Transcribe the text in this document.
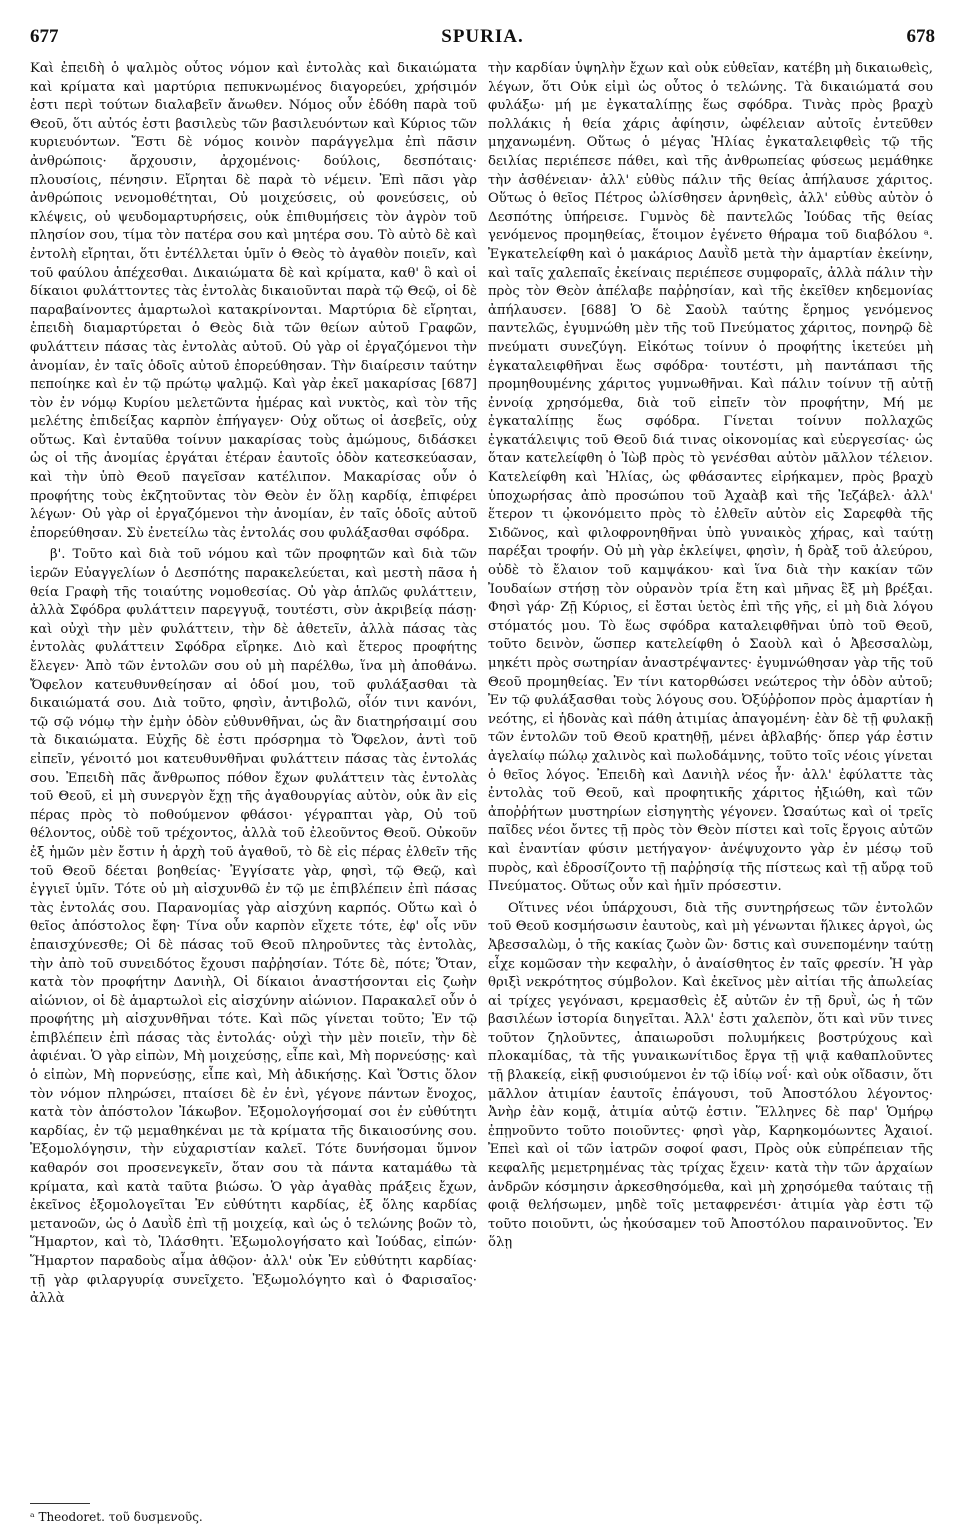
677	SPURIA.	678

Καὶ ἐπειδὴ ὁ ψαλμὸς οὗτος νόμον καὶ ἐντολὰς καὶ δικαιώματα καὶ κρίματα καὶ μαρτύρια πεπυκνωμένος διαγορεύει, χρήσιμόν ἐστι περὶ τούτων διαλαβεῖν ἄνωθεν. Νόμος οὖν ἐδόθη παρὰ τοῦ Θεοῦ, ὅτι αὐτός ἐστι βασιλεὺς τῶν βασιλευόντων καὶ Κύριος τῶν κυριευόντων. Ἔστι δὲ νόμος κοινὸν παράγγελμα ἐπὶ πᾶσιν ἀνθρώποις· ἄρχουσιν, ἀρχομένοις· δούλοις, δεσπόταις· πλουσίοις, πένησιν. Εἴρηται δὲ παρὰ τὸ νέμειν. Ἐπὶ πᾶσι γὰρ ἀνθρώποις νενομοθέτηται, Οὐ μοιχεύσεις, οὐ φονεύσεις, οὐ κλέψεις, οὐ ψευδομαρτυρήσεις, οὐκ ἐπιθυμήσεις τὸν ἀγρὸν τοῦ πλησίον σου, τίμα τὸν πατέρα σου καὶ μητέρα σου. Τὸ αὐτὸ δὲ καὶ ἐντολὴ εἴρηται, ὅτι ἐντέλλεται ὑμῖν ὁ Θεὸς τὸ ἀγαθὸν ποιεῖν, καὶ τοῦ φαύλου ἀπέχεσθαι. Δικαιώματα δὲ καὶ κρίματα, καθ' ὃ καὶ οἱ δίκαιοι φυλάττοντες τὰς ἐντολὰς δικαιοῦνται παρὰ τῷ Θεῷ, οἱ δὲ παραβαίνοντες ἁμαρτωλοὶ κατακρίνονται. Μαρτύρια δὲ εἴρηται, ἐπειδὴ διαμαρτύρεται ὁ Θεὸς διὰ τῶν θείων αὐτοῦ Γραφῶν, φυλάττειν πάσας τὰς ἐντολὰς αὐτοῦ. Οὐ γὰρ οἱ ἐργαζόμενοι τὴν ἀνομίαν, ἐν ταῖς ὁδοῖς αὐτοῦ ἐπορεύθησαν. Τὴν διαίρεσιν ταύτην πεποίηκε καὶ ἐν τῷ πρώτῳ ψαλμῷ. Καὶ γὰρ ἐκεῖ μακαρίσας [687] τὸν ἐν νόμῳ Κυρίου μελετῶντα ἡμέρας καὶ νυκτὸς, καὶ τὸν τῆς μελέτης ἐπιδείξας καρπὸν ἐπήγαγεν· Οὐχ οὕτως οἱ ἀσεβεῖς, οὐχ οὕτως. Καὶ ἐνταῦθα τοίνυν μακαρίσας τοὺς ἀμώμους, διδάσκει ὡς οἱ τῆς ἀνομίας ἐργάται ἑτέραν ἑαυτοῖς ὁδὸν κατεσκεύασαν, καὶ τὴν ὑπὸ Θεοῦ παγεῖσαν κατέλιπον. Μακαρίσας οὖν ὁ προφήτης τοὺς ἐκζητοῦντας τὸν Θεὸν ἐν ὅλῃ καρδίᾳ, ἐπιφέρει λέγων· Οὐ γὰρ οἱ ἐργαζόμενοι τὴν ἀνομίαν, ἐν ταῖς ὁδοῖς αὐτοῦ ἐπορεύθησαν. Σὺ ἐνετείλω τὰς ἐντολάς σου φυλάξασθαι σφόδρα.

β'. Τοῦτο καὶ διὰ τοῦ νόμου καὶ τῶν προφητῶν καὶ διὰ τῶν ἱερῶν Εὐαγγελίων ὁ Δεσπότης παρακελεύεται, καὶ μεστὴ πᾶσα ἡ θεία Γραφὴ τῆς τοιαύτης νομοθεσίας. Οὐ γὰρ ἁπλῶς φυλάττειν, ἀλλὰ Σφόδρα φυλάττειν παρεγγυᾷ, τουτέστι, σὺν ἀκριβείᾳ πάσῃ· καὶ οὐχὶ τὴν μὲν φυλάττειν, τὴν δὲ ἀθετεῖν, ἀλλὰ πάσας τὰς ἐντολὰς φυλάττειν Σφόδρα εἴρηκε. Διὸ καὶ ἕτερος προφήτης ἔλεγεν· Ἀπὸ τῶν ἐντολῶν σου οὐ μὴ παρέλθω, ἵνα μὴ ἀποθάνω. Ὄφελον κατευθυνθείησαν αἱ ὁδοί μου, τοῦ φυλάξασθαι τὰ δικαιώματά σου. Διὰ τοῦτο, φησὶν, ἀντιβολῶ, οἷόν τινι κανόνι, τῷ σῷ νόμῳ τὴν ἐμὴν ὁδὸν εὐθυνθῆναι, ὡς ἂν διατηρήσαιμί σου τὰ δικαιώματα. Εὐχῆς δὲ ἐστι πρόσρημα τὸ Ὄφελον, ἀντὶ τοῦ εἰπεῖν, γένοιτό μοι κατευθυνθῆναι φυλάττειν πάσας τὰς ἐντολάς σου. Ἐπειδὴ πᾶς ἄνθρωπος πόθον ἔχων φυλάττειν τὰς ἐντολὰς τοῦ Θεοῦ, εἰ μὴ συνεργὸν ἔχῃ τῆς ἀγαθουργίας αὐτὸν, οὐκ ἂν εἰς πέρας πρὸς τὸ ποθούμενον φθάσοι· γέγραπται γὰρ, Οὐ τοῦ θέλοντος, οὐδὲ τοῦ τρέχοντος, ἀλλὰ τοῦ ἐλεοῦντος Θεοῦ. Οὐκοῦν ἐξ ἡμῶν μὲν ἔστιν ἡ ἀρχὴ τοῦ ἀγαθοῦ, τὸ δὲ εἰς πέρας ἐλθεῖν τῆς τοῦ Θεοῦ δέεται βοηθείας· Ἐγγίσατε γὰρ, φησὶ, τῷ Θεῷ, καὶ ἐγγιεῖ ὑμῖν. Τότε οὐ μὴ αἰσχυνθῶ ἐν τῷ με ἐπιβλέπειν ἐπὶ πάσας τὰς ἐντολάς σου. Παρανομίας γὰρ αἰσχύνη καρπός. Οὕτω καὶ ὁ θεῖος ἀπόστολος ἔφη· Τίνα οὖν καρπὸν εἴχετε τότε, ἐφ' οἷς νῦν ἐπαισχύνεσθε; Οἱ δὲ πάσας τοῦ Θεοῦ πληροῦντες τὰς ἐντολὰς, τὴν ἀπὸ τοῦ συνειδότος ἔχουσι παῤῥησίαν. Τότε δὲ, πότε; Ὅταν, κατὰ τὸν προφήτην Δανιὴλ, Οἱ δίκαιοι ἀναστήσονται εἰς ζωὴν αἰώνιον, οἱ δὲ ἁμαρτωλοὶ εἰς αἰσχύνην αἰώνιον. Παρακαλεῖ οὖν ὁ προφήτης μὴ αἰσχυνθῆναι τότε. Καὶ πῶς γίνεται τοῦτο; Ἐν τῷ ἐπιβλέπειν ἐπὶ πάσας τὰς ἐντολάς· οὐχὶ τὴν μὲν ποιεῖν, τὴν δὲ ἀφιέναι. Ὁ γὰρ εἰπὼν, Μὴ μοιχεύσῃς, εἶπε καὶ, Μὴ πορνεύσῃς· καὶ ὁ εἰπὼν, Μὴ πορνεύσῃς, εἶπε καὶ, Μὴ ἀδικήσῃς. Καὶ Ὅστις ὅλον τὸν νόμον πληρώσει, πταίσει δὲ ἐν ἑνὶ, γέγονε πάντων ἔνοχος, κατὰ τὸν ἀπόστολον Ἰάκωβον. Ἐξομολογήσομαί σοι ἐν εὐθύτητι καρδίας, ἐν τῷ μεμαθηκέναι με τὰ κρίματα τῆς δικαιοσύνης σου. Ἐξομολόγησιν, τὴν εὐχαριστίαν καλεῖ. Τότε δυνήσομαι ὕμνον καθαρόν σοι προσενεγκεῖν, ὅταν σου τὰ πάντα καταμάθω τὰ κρίματα, καὶ κατὰ ταῦτα βιώσω. Ὁ γὰρ ἀγαθὰς πράξεις ἔχων, ἐκεῖνος ἐξομολογεῖται Ἐν εὐθύτητι καρδίας, ἐξ ὅλης καρδίας μετανοῶν, ὡς ὁ Δαυῒδ ἐπὶ τῇ μοιχείᾳ, καὶ ὡς ὁ τελώνης βοῶν τὸ, Ἥμαρτον, καὶ τὸ, Ἱλάσθητι. Ἐξωμολογήσατο καὶ Ἰούδας, εἰπών· Ἥμαρτον παραδοὺς αἷμα ἀθῷον· ἀλλ' οὐκ Ἐν εὐθύτητι καρδίας· τῇ γὰρ φιλαργυρίᾳ συνεῖχετο. Ἐξωμολόγητο καὶ ὁ Φαρισαῖος· ἀλλὰ

τὴν καρδίαν ὑψηλὴν ἔχων καὶ οὐκ εὐθεῖαν, κατέβη μὴ δικαιωθεὶς, λέγων, ὅτι Οὐκ εἰμὶ ὡς οὗτος ὁ τελώνης. Τὰ δικαιώματά σου φυλάξω· μή με ἐγκαταλίπῃς ἕως σφόδρα. Τινὰς πρὸς βραχὺ πολλάκις ἡ θεία χάρις ἀφίησιν, ὠφέλειαν αὐτοῖς ἐντεῦθεν μηχανωμένη. Οὕτως ὁ μέγας Ἠλίας ἐγκαταλειφθεὶς τῷ τῆς δειλίας περιέπεσε πάθει, καὶ τῆς ἀνθρωπείας φύσεως μεμάθηκε τὴν ἀσθένειαν· ἀλλ' εὐθὺς πάλιν τῆς θείας ἀπήλαυσε χάριτος. Οὕτως ὁ θεῖος Πέτρος ὠλίσθησεν ἀρνηθεὶς, ἀλλ' εὐθὺς αὐτὸν ὁ Δεσπότης ὑπήρεισε. Γυμνὸς δὲ παντελῶς Ἰούδας τῆς θείας γενόμενος προμηθείας, ἕτοιμον ἐγένετο θήραμα τοῦ διαβόλου ᵃ. Ἐγκατελείφθη καὶ ὁ μακάριος Δαυῒδ μετὰ τὴν ἁμαρτίαν ἐκείνην, καὶ ταῖς χαλεπαῖς ἐκείναις περιέπεσε συμφοραῖς, ἀλλὰ πάλιν τὴν πρὸς τὸν Θεὸν ἀπέλαβε παῤῥησίαν, καὶ τῆς ἐκεῖθεν κηδεμονίας ἀπήλαυσεν. [688] Ὁ δὲ Σαοὺλ ταύτης ἔρημος γενόμενος παντελῶς, ἐγυμνώθη μὲν τῆς τοῦ Πνεύματος χάριτος, πονηρῷ δὲ πνεύματι συνεζύγη. Εἰκότως τοίνυν ὁ προφήτης ἱκετεύει μὴ ἐγκαταλειφθῆναι ἕως σφόδρα· τουτέστι, μὴ παντάπασι τῆς προμηθουμένης χάριτος γυμνωθῆναι. Καὶ πάλιν τοίνυν τῇ αὐτῇ ἐννοίᾳ χρησόμεθα, διὰ τοῦ εἰπεῖν τὸν προφήτην, Μή με ἐγκαταλίπῃς ἕως σφόδρα. Γίνεται τοίνυν πολλαχῶς ἐγκατάλειψις τοῦ Θεοῦ διά τινας οἰκονομίας καὶ εὐεργεσίας· ὡς ὅταν κατελείφθη ὁ Ἰὼβ πρὸς τὸ γενέσθαι αὐτὸν μᾶλλον τέλειον. Κατελείφθη καὶ Ἠλίας, ὡς φθάσαντες εἰρήκαμεν, πρὸς βραχὺ ὑποχωρήσας ἀπὸ προσώπου τοῦ Ἀχαὰβ καὶ τῆς Ἰεζάβελ· ἀλλ' ἕτερον τι ᾠκονόμειτο πρὸς τὸ ἐλθεῖν αὐτὸν εἰς Σαρεφθὰ τῆς Σιδῶνος, καὶ φιλοφρονηθῆναι ὑπὸ γυναικὸς χήρας, καὶ ταύτῃ παρέξαι τροφήν. Οὐ μὴ γὰρ ἐκλείψει, φησὶν, ἡ δρὰξ τοῦ ἀλεύρου, οὐδὲ τὸ ἔλαιον τοῦ καμψάκου· καὶ ἵνα διὰ τὴν κακίαν τῶν Ἰουδαίων στήσῃ τὸν οὐρανὸν τρία ἔτη καὶ μῆνας ἓξ μὴ βρέξαι. Φησὶ γάρ· Ζῇ Κύριος, εἰ ἔσται ὑετὸς ἐπὶ τῆς γῆς, εἰ μὴ διὰ λόγου στόματός μου. Τὸ ἕως σφόδρα καταλειφθῆναι ὑπὸ τοῦ Θεοῦ, τοῦτο δεινὸν, ὥσπερ κατελείφθη ὁ Σαοὺλ καὶ ὁ Ἀβεσσαλὼμ, μηκέτι πρὸς σωτηρίαν ἀναστρέψαντες· ἐγυμνώθησαν γὰρ τῆς τοῦ Θεοῦ προμηθείας. Ἐν τίνι κατορθώσει νεώτερος τὴν ὁδὸν αὐτοῦ; Ἐν τῷ φυλάξασθαι τοὺς λόγους σου. Ὀξύῤῥοπον πρὸς ἁμαρτίαν ἡ νεότης, εἰ ἡδονὰς καὶ πάθη ἀτιμίας ἀπαγομένη· ἐὰν δὲ τῇ φυλακῇ τῶν ἐντολῶν τοῦ Θεοῦ κρατηθῇ, μένει ἀβλαβής· ὅπερ γάρ ἐστιν ἀγελαίῳ πώλῳ χαλινὸς καὶ πωλοδάμνης, τοῦτο τοῖς νέοις γίνεται ὁ θεῖος λόγος. Ἐπειδὴ καὶ Δανιὴλ νέος ἦν· ἀλλ' ἐφύλαττε τὰς ἐντολὰς τοῦ Θεοῦ, καὶ προφητικῆς χάριτος ἠξιώθη, καὶ τῶν ἀποῤῥήτων μυστηρίων εἰσηγητὴς γέγονεν. Ὡσαύτως καὶ οἱ τρεῖς παῖδες νέοι ὄντες τῇ πρὸς τὸν Θεὸν πίστει καὶ τοῖς ἔργοις αὐτῶν καὶ ἐναντίαν φύσιν μετήγαγον· ἀνέψυχοντο γὰρ ἐν μέσῳ τοῦ πυρὸς, καὶ ἐδροσίζοντο τῇ παῤῥησίᾳ τῆς πίστεως καὶ τῇ αὔρᾳ τοῦ Πνεύματος. Οὕτως οὖν καὶ ἡμῖν πρόσεστιν.

Οἵτινες νέοι ὑπάρχουσι, διὰ τῆς συντηρήσεως τῶν ἐντολῶν τοῦ Θεοῦ κοσμήσωσιν ἑαυτοὺς, καὶ μὴ γένωνται ἥλικες ἀργοὶ, ὡς Ἀβεσσαλὼμ, ὁ τῆς κακίας ζωὸν ὢν· δστις καὶ συνεπομένην ταύτῃ εἶχε κομῶσαν τὴν κεφαλὴν, ὁ ἀναίσθητος ἐν ταῖς φρεσίν. Ἡ γὰρ θριξὶ νεκρότητος σύμβολον. Καὶ ἐκεῖνος μὲν αἰτίαι τῆς ἀπωλείας αἱ τρίχες γεγόνασι, κρεμασθεὶς ἐξ αὐτῶν ἐν τῇ δρυῒ, ὡς ἡ τῶν βασιλέων ἱστορία διηγεῖται. Ἀλλ' ἐστι χαλεπὸν, ὅτι καὶ νῦν τινες τοῦτον ζηλοῦντες, ἀπαιωροῦσι πολυμήκεις βοστρύχους καὶ πλοκαμίδας, τὰ τῆς γυναικωνίτιδος ἔργα τῇ ψιᾷ καθαπλοῦντες τῇ βλακείᾳ, εἰκῇ φυσιούμενοι ἐν τῷ ἰδίῳ νοΐ· καὶ οὐκ οἴδασιν, ὅτι μᾶλλον ἀτιμίαν ἑαυτοῖς ἐπάγουσι, τοῦ Ἀποστόλου λέγοντος· Ἀνὴρ ἐὰν κομᾷ, ἀτιμία αὐτῷ ἐστιν. Ἕλληνες δὲ παρ' Ὁμήρῳ ἐπῃνοῦντο τοῦτο ποιοῦντες· φησὶ γὰρ, Καρηκομόωντες Ἀχαιοί. Ἐπεὶ καὶ οἱ τῶν ἰατρῶν σοφοί φασι, Πρὸς οὐκ εὐπρέπειαν τῆς κεφαλῆς μεμετρημένας τὰς τρίχας ἔχειν· κατὰ τὴν τῶν ἀρχαίων ἀνδρῶν κόσμησιν ἀρκεσθησόμεθα, καὶ μὴ χρησόμεθα ταύταις τῇ φοιᾷ θελήσωμεν, μηδὲ τοῖς μεταφρενέσι· ἀτιμία γὰρ ἐστι τῷ τοῦτο ποιοῦντι, ὡς ἠκούσαμεν τοῦ Ἀποστόλου παραινοῦντος. Ἐν ὅλῃ

ᵃ Theodoret. τοῦ δυσμενοῦς.
